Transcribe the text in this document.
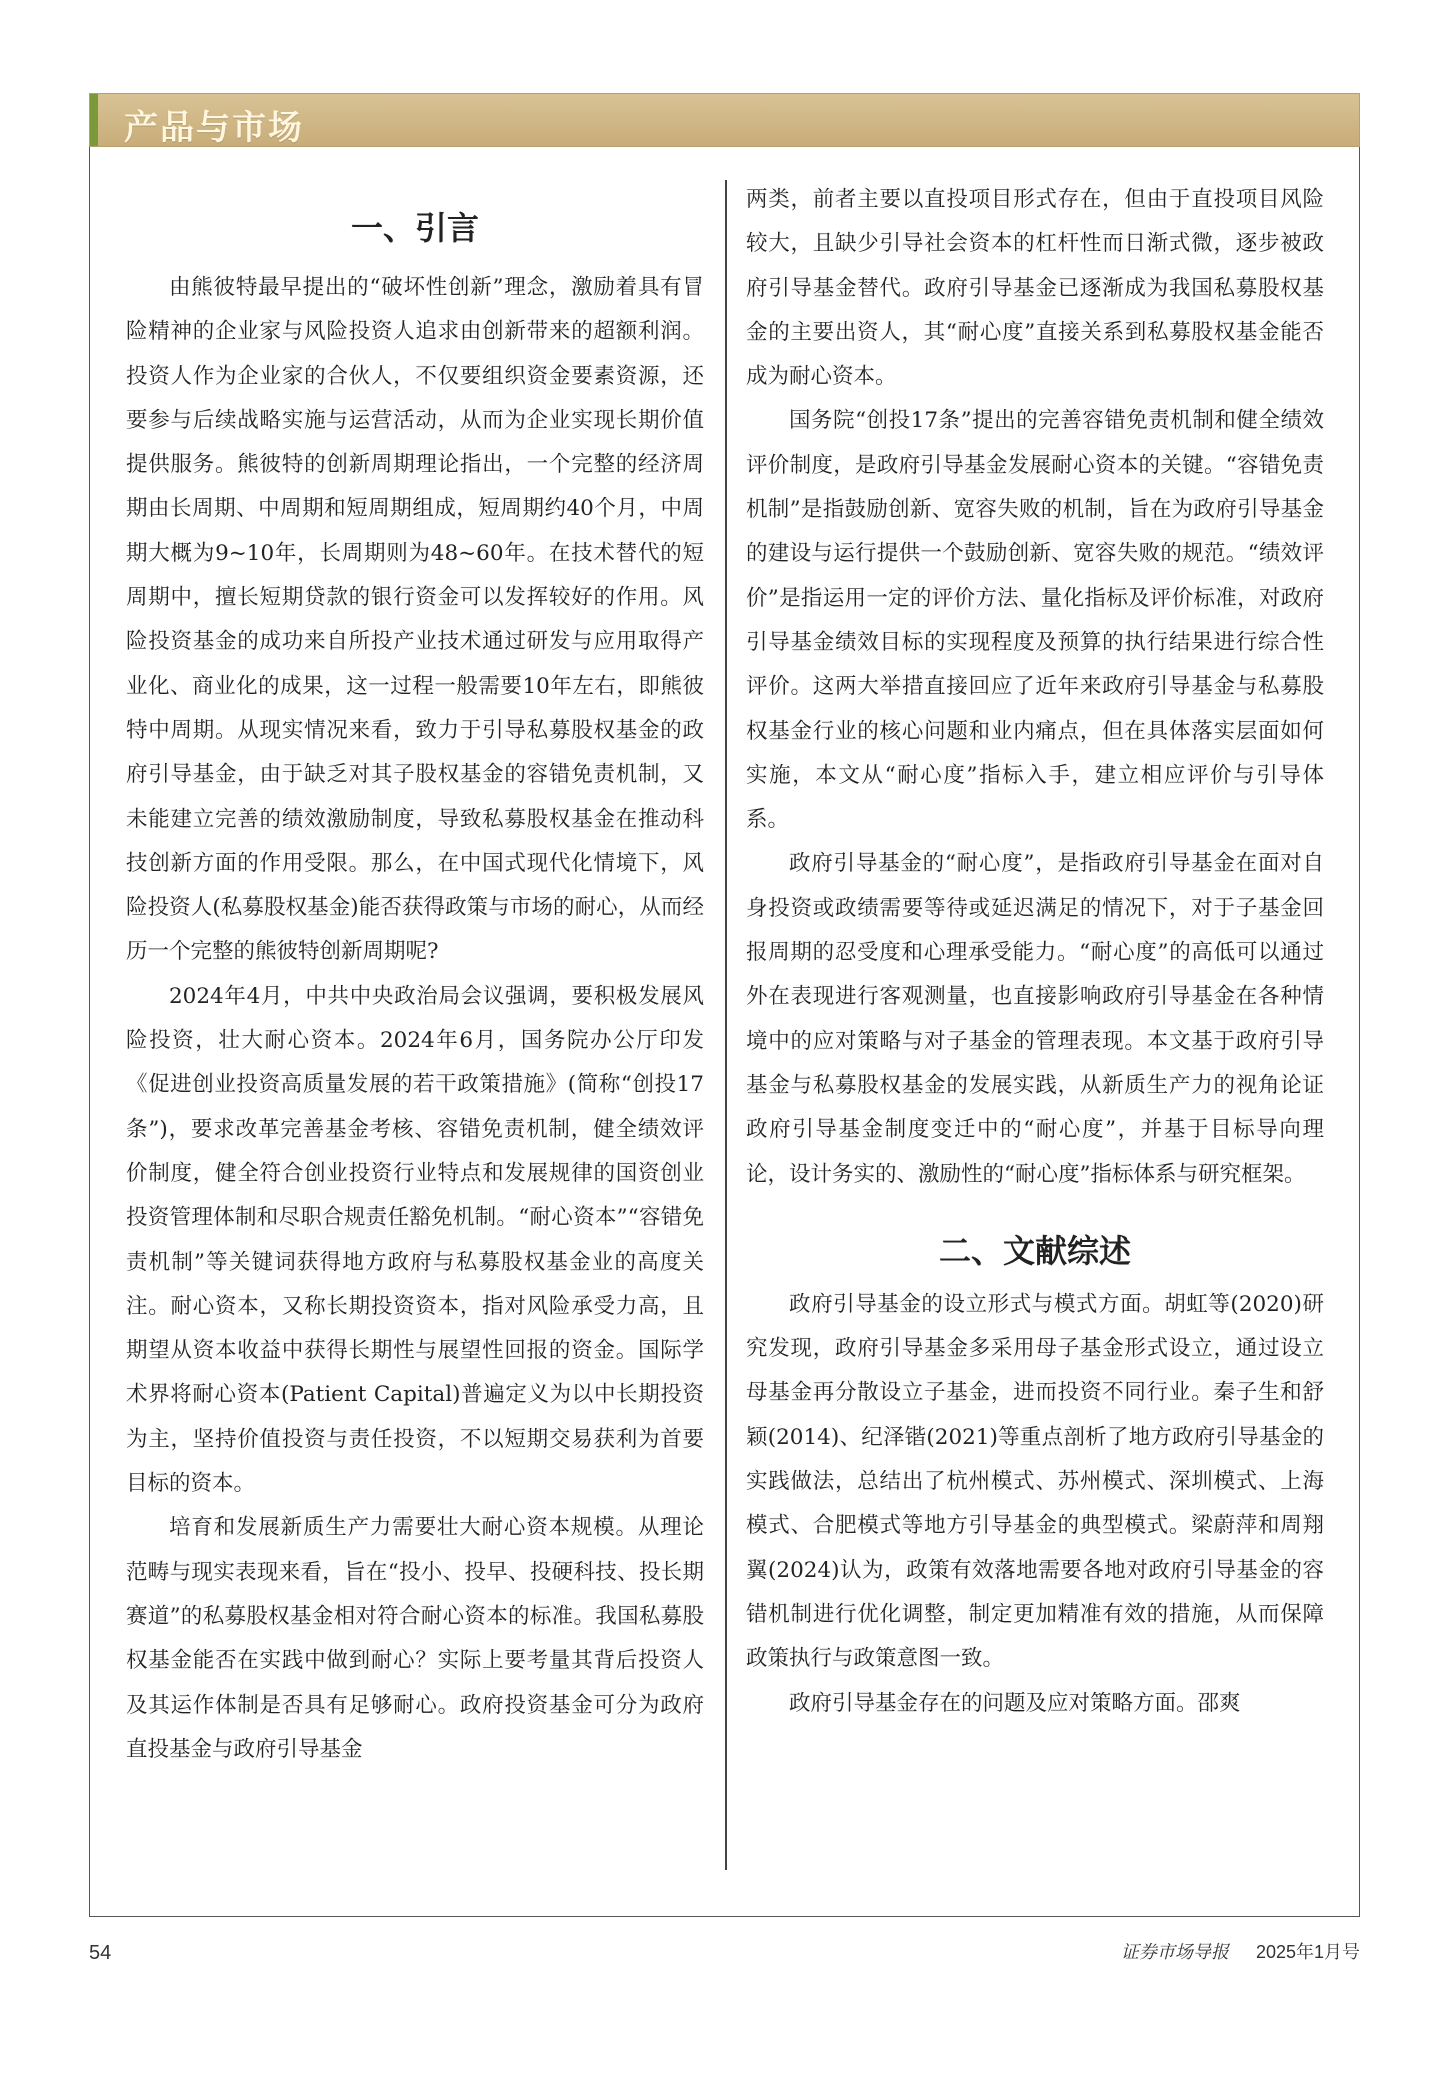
产品与市场
一、引言

由熊彼特最早提出的“破坏性创新”理念，激励着具有冒险精神的企业家与风险投资人追求由创新带来的超额利润。投资人作为企业家的合伙人，不仅要组织资金要素资源，还要参与后续战略实施与运营活动，从而为企业实现长期价值提供服务。熊彼特的创新周期理论指出，一个完整的经济周期由长周期、中周期和短周期组成，短周期约40个月，中周期大概为9~10年，长周期则为48~60年。在技术替代的短周期中，擅长短期贷款的银行资金可以发挥较好的作用。风险投资基金的成功来自所投产业技术通过研发与应用取得产业化、商业化的成果，这一过程一般需要10年左右，即熊彼特中周期。从现实情况来看，致力于引导私募股权基金的政府引导基金，由于缺乏对其子股权基金的容错免责机制，又未能建立完善的绩效激励制度，导致私募股权基金在推动科技创新方面的作用受限。那么，在中国式现代化情境下，风险投资人(私募股权基金)能否获得政策与市场的耐心，从而经历一个完整的熊彼特创新周期呢?

2024年4月，中共中央政治局会议强调，要积极发展风险投资，壮大耐心资本。2024年6月，国务院办公厅印发《促进创业投资高质量发展的若干政策措施》(简称“创投17条”)，要求改革完善基金考核、容错免责机制，健全绩效评价制度，健全符合创业投资行业特点和发展规律的国资创业投资管理体制和尽职合规责任豁免机制。“耐心资本”“容错免责机制”等关键词获得地方政府与私募股权基金业的高度关注。耐心资本，又称长期投资资本，指对风险承受力高，且期望从资本收益中获得长期性与展望性回报的资金。国际学术界将耐心资本(Patient Capital)普遍定义为以中长期投资为主，坚持价值投资与责任投资，不以短期交易获利为首要目标的资本。

培育和发展新质生产力需要壮大耐心资本规模。从理论范畴与现实表现来看，旨在“投小、投早、投硬科技、投长期赛道”的私募股权基金相对符合耐心资本的标准。我国私募股权基金能否在实践中做到耐心？实际上要考量其背后投资人及其运作体制是否具有足够耐心。政府投资基金可分为政府直投基金与政府引导基金

两类，前者主要以直投项目形式存在，但由于直投项目风险较大，且缺少引导社会资本的杠杆性而日渐式微，逐步被政府引导基金替代。政府引导基金已逐渐成为我国私募股权基金的主要出资人，其“耐心度”直接关系到私募股权基金能否成为耐心资本。

国务院“创投17条”提出的完善容错免责机制和健全绩效评价制度，是政府引导基金发展耐心资本的关键。“容错免责机制”是指鼓励创新、宽容失败的机制，旨在为政府引导基金的建设与运行提供一个鼓励创新、宽容失败的规范。“绩效评价”是指运用一定的评价方法、量化指标及评价标准，对政府引导基金绩效目标的实现程度及预算的执行结果进行综合性评价。这两大举措直接回应了近年来政府引导基金与私募股权基金行业的核心问题和业内痛点，但在具体落实层面如何实施，本文从“耐心度”指标入手，建立相应评价与引导体系。

政府引导基金的“耐心度”，是指政府引导基金在面对自身投资或政绩需要等待或延迟满足的情况下，对于子基金回报周期的忍受度和心理承受能力。“耐心度”的高低可以通过外在表现进行客观测量，也直接影响政府引导基金在各种情境中的应对策略与对子基金的管理表现。本文基于政府引导基金与私募股权基金的发展实践，从新质生产力的视角论证政府引导基金制度变迁中的“耐心度”，并基于目标导向理论，设计务实的、激励性的“耐心度”指标体系与研究框架。

二、文献综述

政府引导基金的设立形式与模式方面。胡虹等(2020)研究发现，政府引导基金多采用母子基金形式设立，通过设立母基金再分散设立子基金，进而投资不同行业。秦子生和舒颖(2014)、纪泽锴(2021)等重点剖析了地方政府引导基金的实践做法，总结出了杭州模式、苏州模式、深圳模式、上海模式、合肥模式等地方引导基金的典型模式。梁蔚萍和周翔翼(2024)认为，政策有效落地需要各地对政府引导基金的容错机制进行优化调整，制定更加精准有效的措施，从而保障政策执行与政策意图一致。

政府引导基金存在的问题及应对策略方面。邵爽

54	证券市场导报 2025年1月号
